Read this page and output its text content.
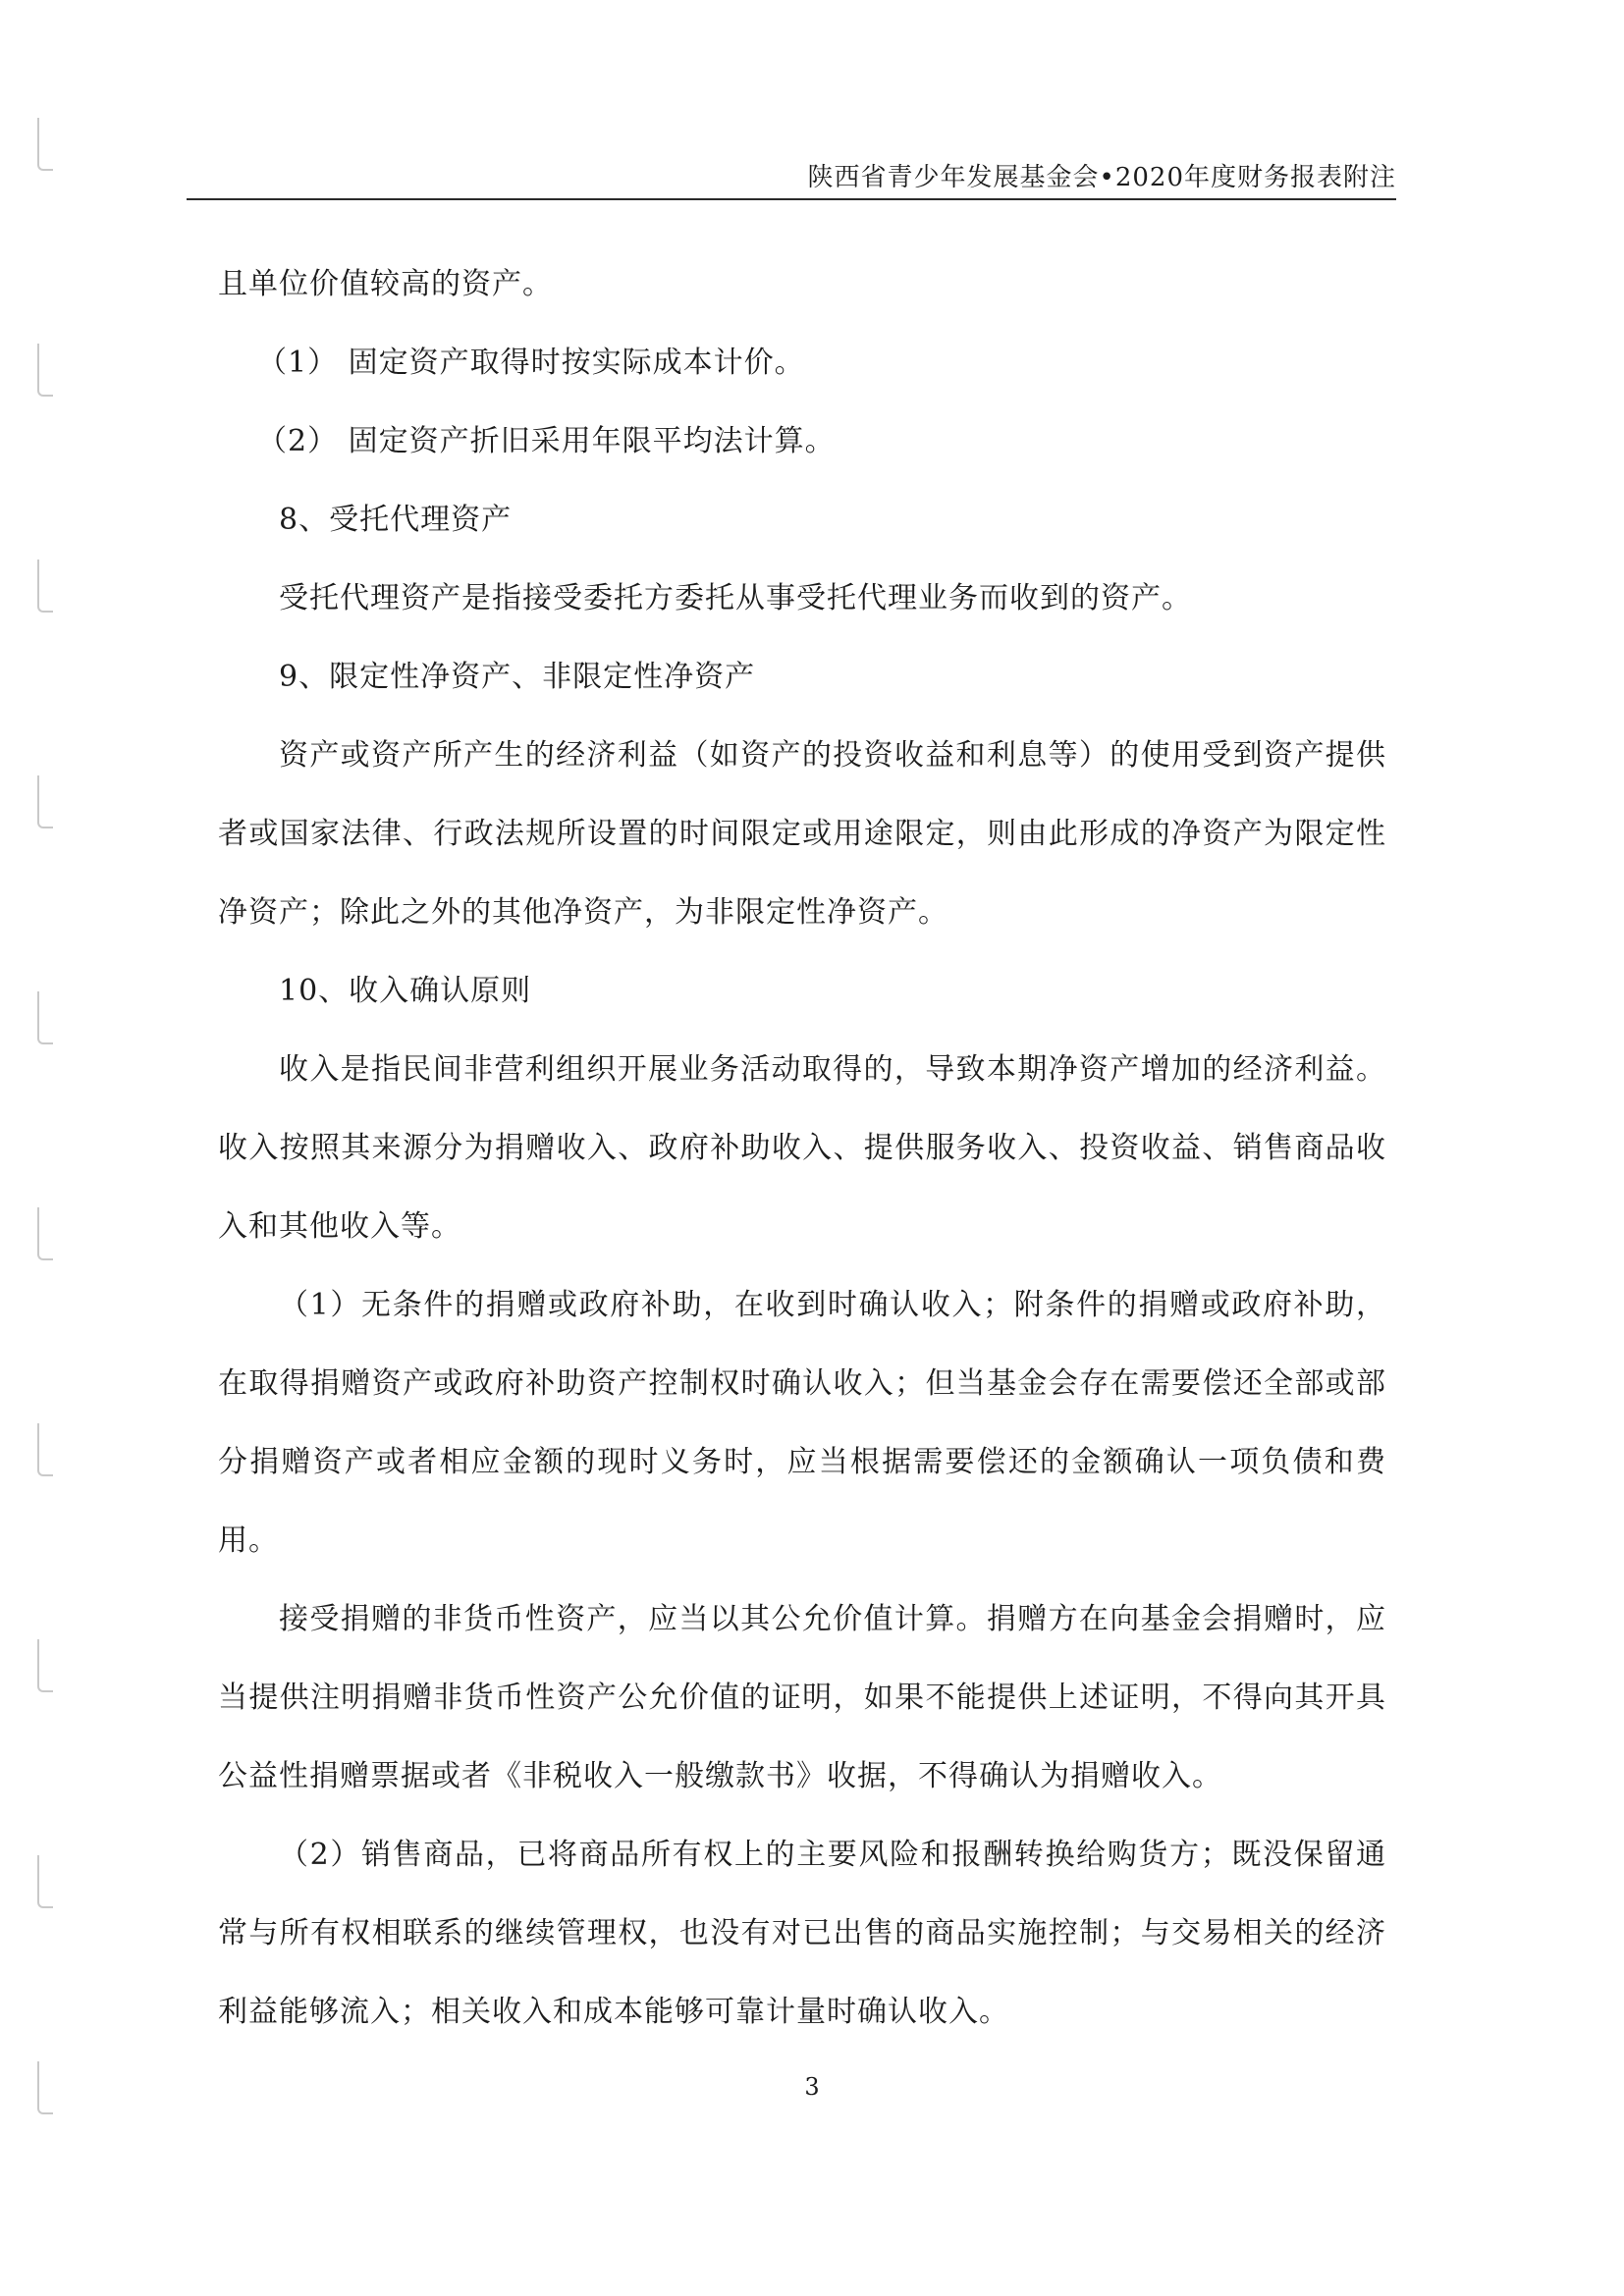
陕西省青少年发展基金会•2020年度财务报表附注

且单位价值较高的资产。

（1） 固定资产取得时按实际成本计价。

（2） 固定资产折旧采用年限平均法计算。

8、受托代理资产

受托代理资产是指接受委托方委托从事受托代理业务而收到的资产。

9、限定性净资产、非限定性净资产

资产或资产所产生的经济利益（如资产的投资收益和利息等）的使用受到资产提供者或国家法律、行政法规所设置的时间限定或用途限定，则由此形成的净资产为限定性净资产；除此之外的其他净资产，为非限定性净资产。

10、收入确认原则

收入是指民间非营利组织开展业务活动取得的，导致本期净资产增加的经济利益。收入按照其来源分为捐赠收入、政府补助收入、提供服务收入、投资收益、销售商品收入和其他收入等。

（1）无条件的捐赠或政府补助，在收到时确认收入；附条件的捐赠或政府补助，在取得捐赠资产或政府补助资产控制权时确认收入；但当基金会存在需要偿还全部或部分捐赠资产或者相应金额的现时义务时，应当根据需要偿还的金额确认一项负债和费用。

接受捐赠的非货币性资产，应当以其公允价值计算。捐赠方在向基金会捐赠时，应当提供注明捐赠非货币性资产公允价值的证明，如果不能提供上述证明，不得向其开具公益性捐赠票据或者《非税收入一般缴款书》收据，不得确认为捐赠收入。

（2）销售商品，已将商品所有权上的主要风险和报酬转换给购货方；既没保留通常与所有权相联系的继续管理权，也没有对已出售的商品实施控制；与交易相关的经济利益能够流入；相关收入和成本能够可靠计量时确认收入。

3
